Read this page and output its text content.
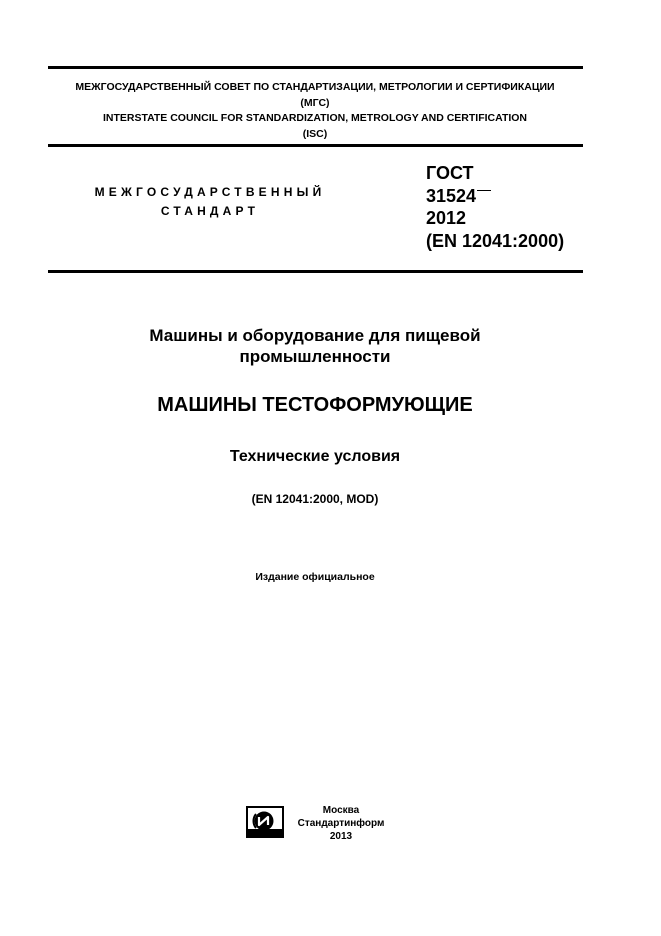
МЕЖГОСУДАРСТВЕННЫЙ СОВЕТ ПО СТАНДАРТИЗАЦИИ, МЕТРОЛОГИИ И СЕРТИФИКАЦИИ
(МГС)
INTERSTATE COUNCIL FOR STANDARDIZATION, METROLOGY AND CERTIFICATION
(ISC)
МЕЖГОСУДАРСТВЕННЫЙ
СТАНДАРТ
ГОСТ
31524
2012
(EN 12041:2000)
Машины и оборудование для пищевой
промышленности
МАШИНЫ ТЕСТОФОРМУЮЩИЕ
Технические условия
(EN 12041:2000, MOD)
Издание официальное
Москва
Стандартинформ
2013
